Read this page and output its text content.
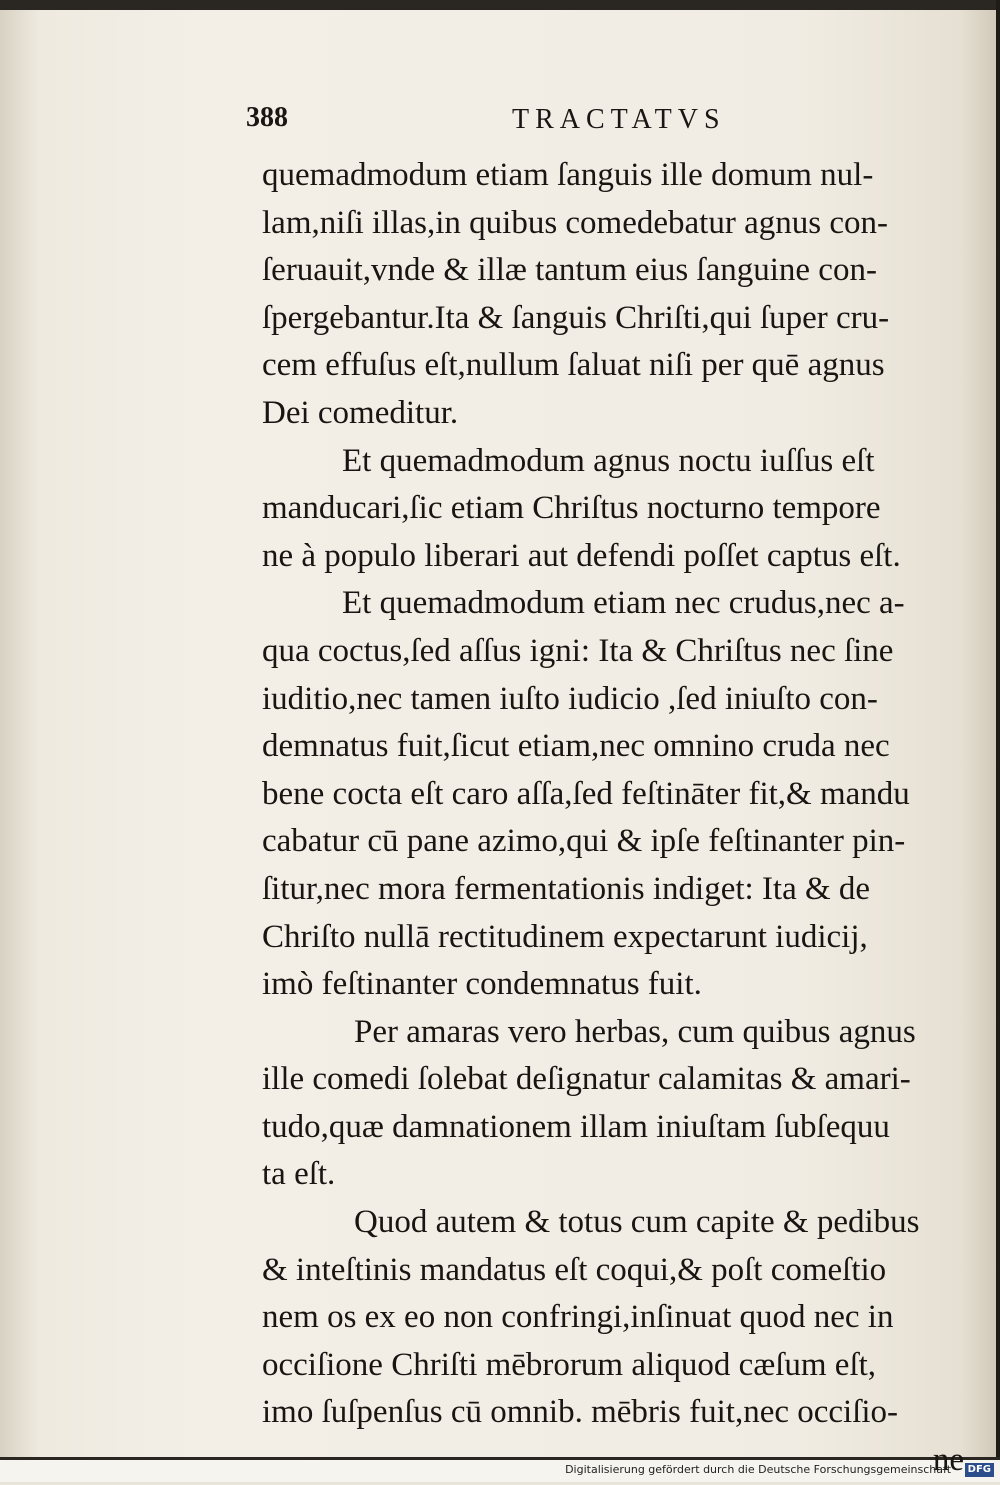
388	TRACTATVS
quemadmodum etiam ſanguis ille domum nul-
lam,niſi illas,in quibus comedebatur agnus con-
ſeruauit,vnde & illæ tantum eius ſanguine con-
ſpergebantur.Ita & ſanguis Chriſti,qui ſuper cru-
cem effuſus eſt,nullum ſaluat niſi per quē agnus
Dei comeditur.
Et quemadmodum agnus noctu iuſſus eſt
manducari,ſic etiam Chriſtus nocturno tempore
ne à populo liberari aut defendi poſſet captus eſt.
Et quemadmodum etiam nec crudus,nec a-
qua coctus,ſed aſſus igni: Ita & Chriſtus nec ſine
iuditio,nec tamen iuſto iudicio ,ſed iniuſto con-
demnatus fuit,ſicut etiam,nec omnino cruda nec
bene cocta eſt caro aſſa,ſed feſtināter fit,& mandu
cabatur cū pane azimo,qui & ipſe feſtinanter pin-
ſitur,nec mora fermentationis indiget: Ita & de
Chriſto nullā rectitudinem expectarunt iudicij,
imò feſtinanter condemnatus fuit.
Per amaras vero herbas, cum quibus agnus
ille comedi ſolebat deſignatur calamitas & amari-
tudo,quæ damnationem illam iniuſtam ſubſequu
ta eſt.
Quod autem & totus cum capite & pedibus
& inteſtinis mandatus eſt coqui,& poſt comeſtio
nem os ex eo non confringi,inſinuat quod nec in
occiſione Chriſti mēbrorum aliquod cæſum eſt,
imo ſuſpenſus cū omnib. mēbris fuit,nec occiſio-
ne
Digitalisierung gefördert durch die Deutsche Forschungsgemeinschaft · DFG
